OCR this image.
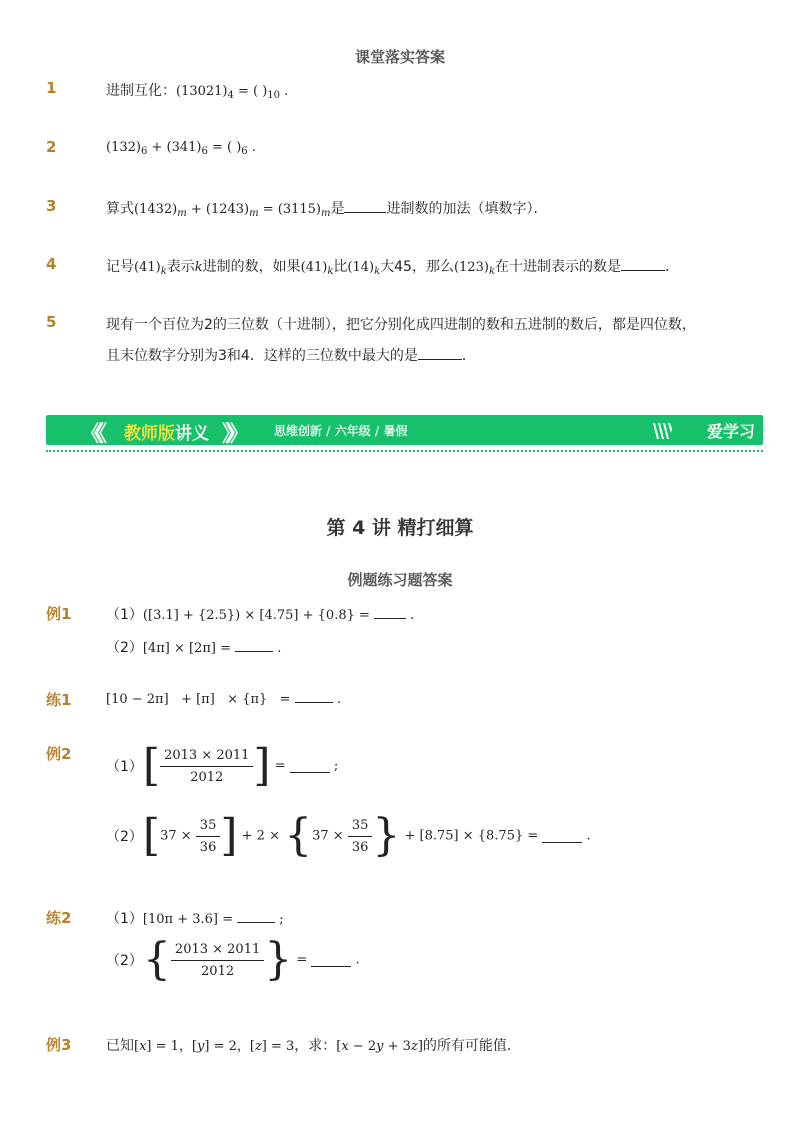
课堂落实答案
1	进制互化：$(13021)_4$ = ( )$_{10}$ .
2	$(132)_6 + (341)_6$ = ( )$_6$ .
3	算式$(1432)_m + (1243)_m = (3115)_m$是	进制数的加法（填数字）．
4	记号$(41)_k$表示k进制的数，如果$(41)_k$比$(14)_k$大45，那么$(123)_k$在十进制表示的数是	．
5	现有一个百位为2的三位数（十进制），把它分别化成四进制的数和五进制的数后，都是四位数，
且末位数字分别为3和4．这样的三位数中最大的是	．
《《 教师版讲义 》》	思维创新 / 六年级 / 暑假	爱学习
第 4 讲 精打细算
例题练习题答案
例1 （1）([3.1] + {2.5}) × [4.75] + {0.8} =  .
（2）[4π] × [2π] =	.
练1	[10 − 2π]   + [π]   × {π}   =	.
例2
$(1)[ \frac{2013 \times 2011}{2012}$ ] =	;
$(2)[37 \times \frac{35}{36}$ ] + $2 \times \{37 \times \frac{35}{36}$ } + [8.75] × {8.75} =	.
练2 （1）[10π + 3.6] =	;
$(2)\{ \frac{2013 \times 2011}{2012}$ } =	.
例3 已知[x] = 1，[y] = 2，[z] = 3，求：[x − 2y + 3z]的所有可能值．
